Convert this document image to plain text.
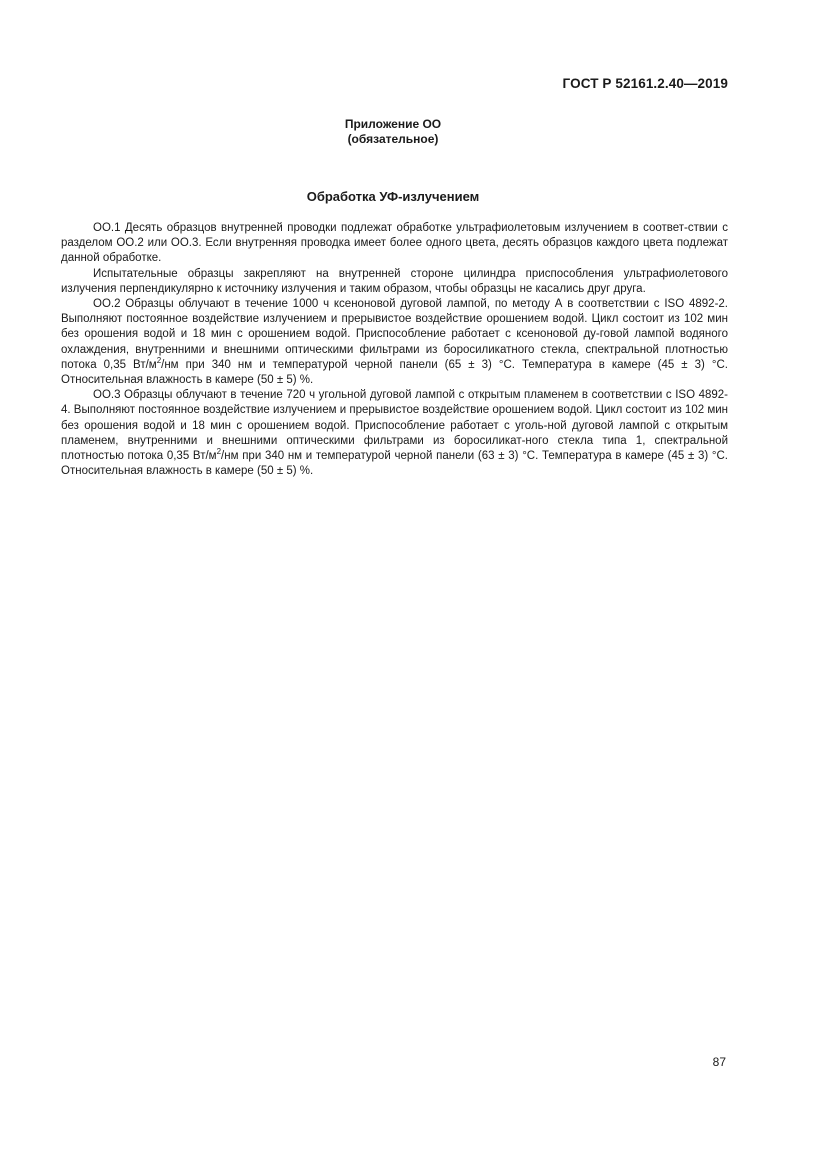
ГОСТ Р 52161.2.40—2019
Приложение ОО
(обязательное)
Обработка УФ-излучением

ОО.1 Десять образцов внутренней проводки подлежат обработке ультрафиолетовым излучением в соответ-ствии с разделом ОО.2 или ОО.3. Если внутренняя проводка имеет более одного цвета, десять образцов каждого цвета подлежат данной обработке.

Испытательные образцы закрепляют на внутренней стороне цилиндра приспособления ультрафиолетового излучения перпендикулярно к источнику излучения и таким образом, чтобы образцы не касались друг друга.

ОО.2 Образцы облучают в течение 1000 ч ксеноновой дуговой лампой, по методу А в соответствии с ISO 4892-2. Выполняют постоянное воздействие излучением и прерывистое воздействие орошением водой. Цикл состоит из 102 мин без орошения водой и 18 мин с орошением водой. Приспособление работает с ксеноновой ду-говой лампой водяного охлаждения, внутренними и внешними оптическими фильтрами из боросиликатного стекла, спектральной плотностью потока 0,35 $Вт/м^2/нм$ при 340 нм и температурой черной панели (65 ± 3) °С. Температура в камере (45 ± 3) °С. Относительная влажность в камере (50 ± 5) %.

ОО.3 Образцы облучают в течение 720 ч угольной дуговой лампой с открытым пламенем в соответствии с ISO 4892-4. Выполняют постоянное воздействие излучением и прерывистое воздействие орошением водой. Цикл состоит из 102 мин без орошения водой и 18 мин с орошением водой. Приспособление работает с уголь-ной дуговой лампой с открытым пламенем, внутренними и внешними оптическими фильтрами из боросиликат-ного стекла типа 1, спектральной плотностью потока 0,35 $Вт/м^2/нм$ при 340 нм и температурой черной панели (63 ± 3) °С. Температура в камере (45 ± 3) °С. Относительная влажность в камере (50 ± 5) %.

87
